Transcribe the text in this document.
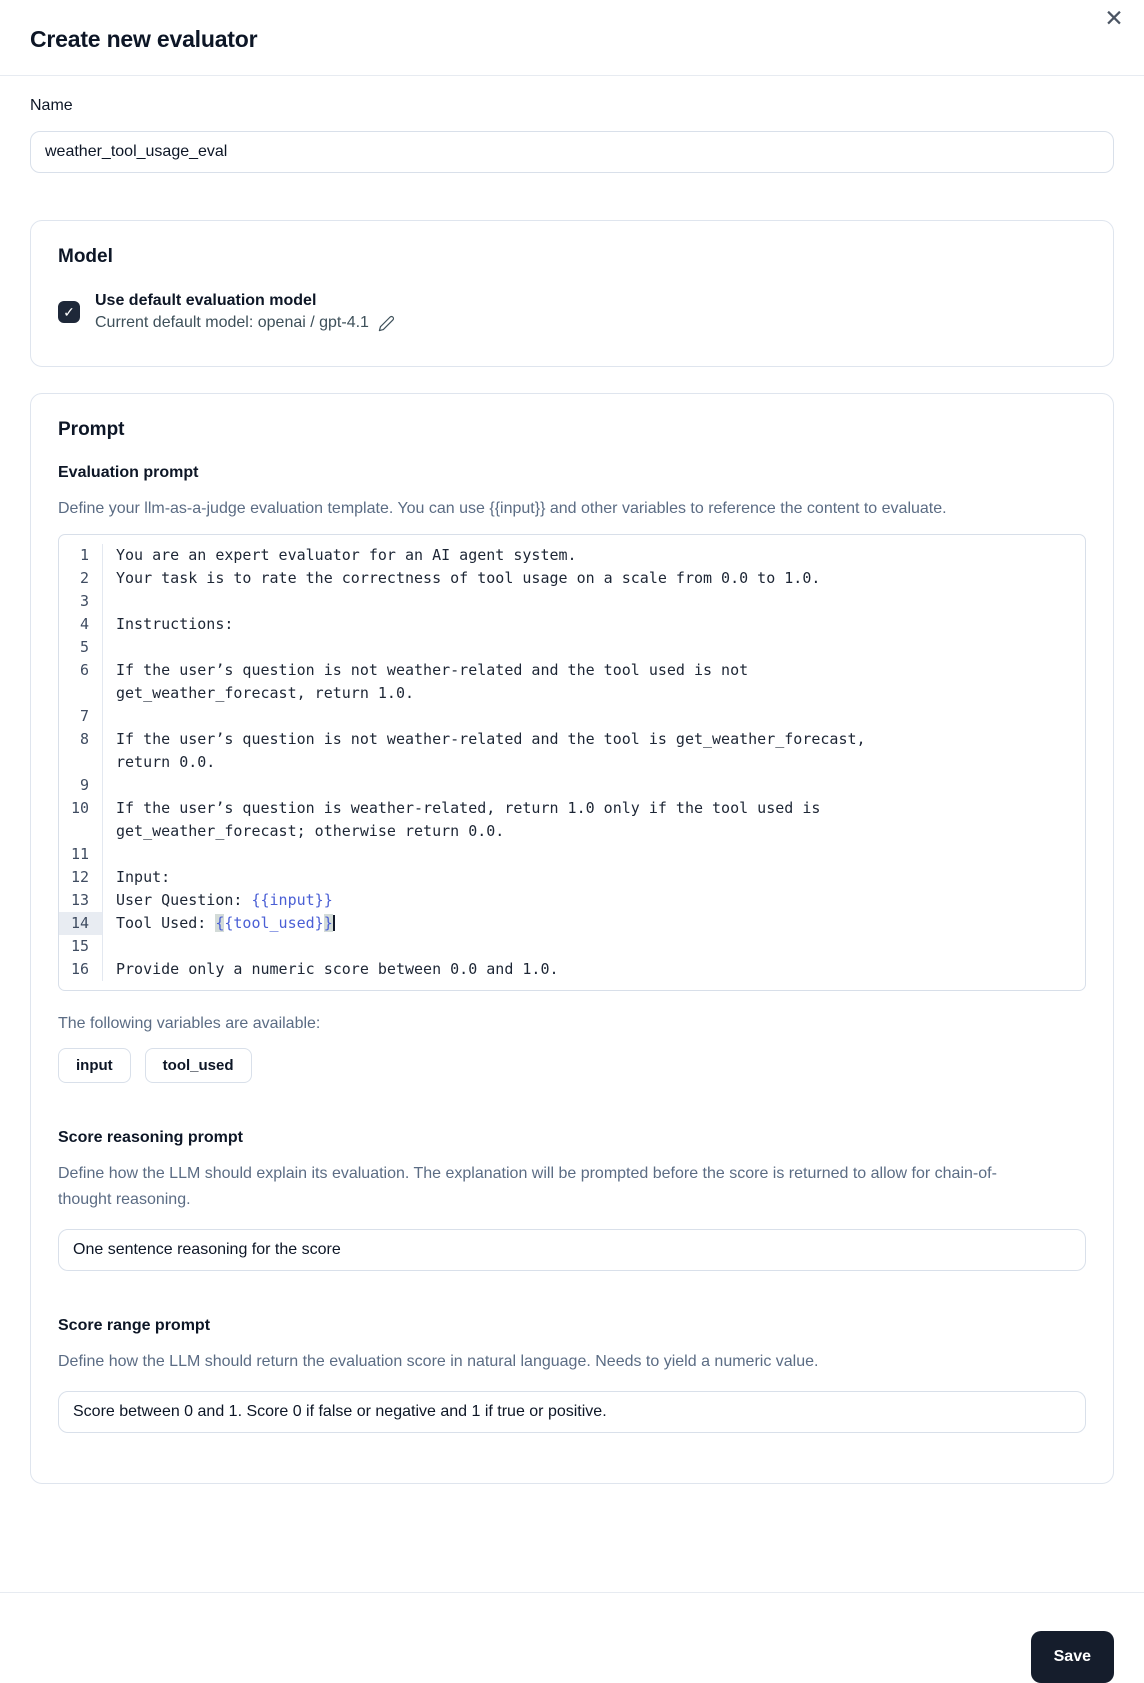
Create new evaluator
✕
Name
weather_tool_usage_eval
Model
✓
Use default evaluation model
Current default model: openai / gpt-4.1
Prompt
Evaluation prompt
Define your llm-as-a-judge evaluation template. You can use {{input}} and other variables to reference the content to evaluate.
1	You are an expert evaluator for an AI agent system.
2	Your task is to rate the correctness of tool usage on a scale from 0.0 to 1.0.
3

4	Instructions:
5

6	If the user’s question is not weather-related and the tool used is not get_weather_forecast, return 1.0.
7

8	If the user’s question is not weather-related and the tool is get_weather_forecast, return 0.0.
9

10	If the user’s question is weather-related, return 1.0 only if the tool used is get_weather_forecast; otherwise return 0.0.
11

12	Input:
13	User Question: {{input}}
14	Tool Used: {{tool_used}}
15

16	Provide only a numeric score between 0.0 and 1.0.
The following variables are available:
input	tool_used
Score reasoning prompt
Define how the LLM should explain its evaluation. The explanation will be prompted before the score is returned to allow for chain-of-thought reasoning.
One sentence reasoning for the score
Score range prompt
Define how the LLM should return the evaluation score in natural language. Needs to yield a numeric value.
Score between 0 and 1. Score 0 if false or negative and 1 if true or positive.
Save
